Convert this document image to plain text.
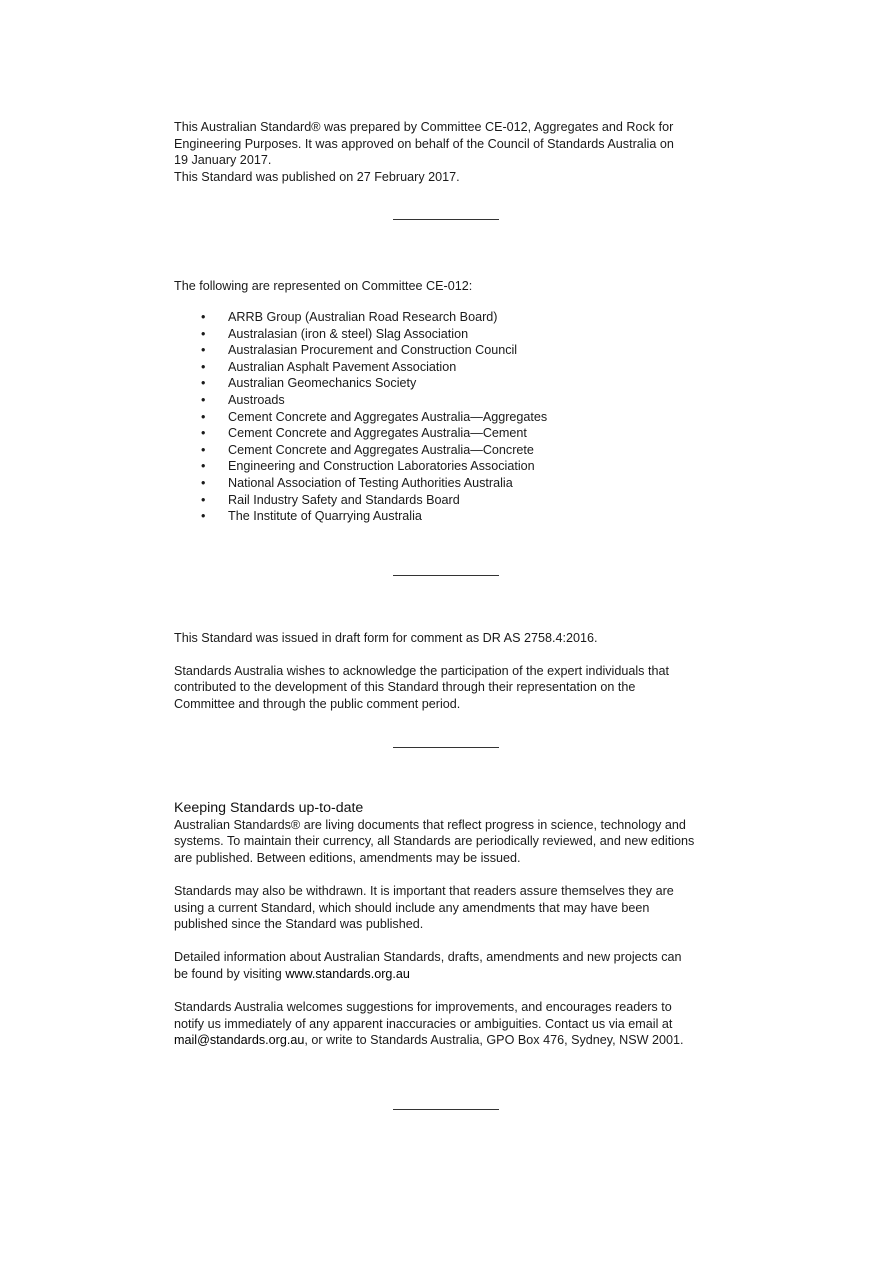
This Australian Standard® was prepared by Committee CE-012, Aggregates and Rock for

Engineering Purposes. It was approved on behalf of the Council of Standards Australia on

19 January 2017.

This Standard was published on 27 February 2017.

The following are represented on Committee CE-012:

• ARRB Group (Australian Road Research Board)
• Australasian (iron & steel) Slag Association
• Australasian Procurement and Construction Council
• Australian Asphalt Pavement Association
• Australian Geomechanics Society
• Austroads
• Cement Concrete and Aggregates Australia—Aggregates
• Cement Concrete and Aggregates Australia—Cement
• Cement Concrete and Aggregates Australia—Concrete
• Engineering and Construction Laboratories Association
• National Association of Testing Authorities Australia
• Rail Industry Safety and Standards Board
• The Institute of Quarrying Australia

This Standard was issued in draft form for comment as DR AS 2758.4:2016.

Standards Australia wishes to acknowledge the participation of the expert individuals that

contributed to the development of this Standard through their representation on the

Committee and through the public comment period.

Keeping Standards up-to-date

Australian Standards® are living documents that reflect progress in science, technology and

systems. To maintain their currency, all Standards are periodically reviewed, and new editions

are published. Between editions, amendments may be issued.

Standards may also be withdrawn. It is important that readers assure themselves they are

using a current Standard, which should include any amendments that may have been

published since the Standard was published.

Detailed information about Australian Standards, drafts, amendments and new projects can

be found by visiting www.standards.org.au

Standards Australia welcomes suggestions for improvements, and encourages readers to

notify us immediately of any apparent inaccuracies or ambiguities. Contact us via email at

mail@standards.org.au, or write to Standards Australia, GPO Box 476, Sydney, NSW 2001.
